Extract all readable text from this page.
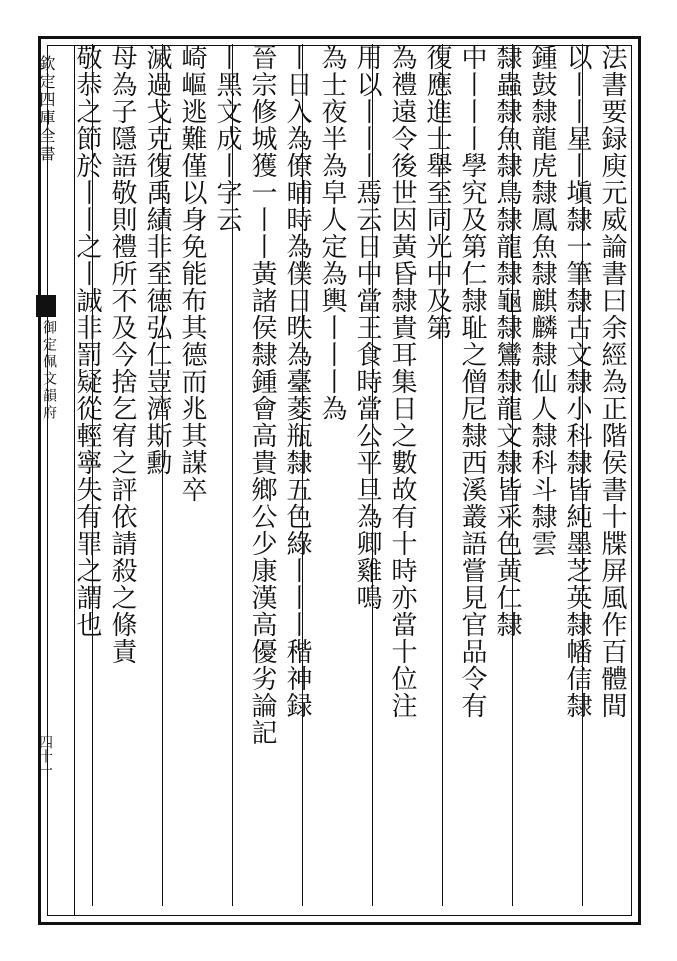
欽定四庫全書
御定佩文韻府
四十一
法書要録庾元威論書曰余經為正階侯書十牒屏風作百體間
以丨丨星丨塡隸一筆隸古文隸小科隸皆純墨芝英隸幡信隸
鍾鼓隸龍虎隸鳳魚隸麒麟隸仙人隸科斗隸雲
隸蟲隸魚隸鳥隸龍隸龜隸鸞隸龍文隸皆采色黄仁隸
中丨丨丨學究及第仁隸耻之僧尼隸西溪叢語嘗見官品令有
復應進士舉至同光中及第
為禮遠令後世因黃昏隸貴耳集日之數故有十時亦當十位注
用以丨丨丨焉云日中當王食時當公平旦為卿雞鳴
為士夜半為皁人定為輿丨丨丨為
丨日入為僚晡時為僕日昳為臺菱瓶隸五色綠丨丨丨稭神録
晉宗修城獲一丨丨黃諸侯隸鍾會高貴鄉公少康漢高優劣論記
丨黑文成丨字云
崎嶇逃難僅以身免能布其德而兆其謀卒
滅過戈克復禹績非至德弘仁豈濟斯勳
母為子隱語敬則禮所不及今捨乞宥之評依請殺之條責
敬恭之節於丨丨之丨誠非罰疑從輕寧失有罪之謂也
